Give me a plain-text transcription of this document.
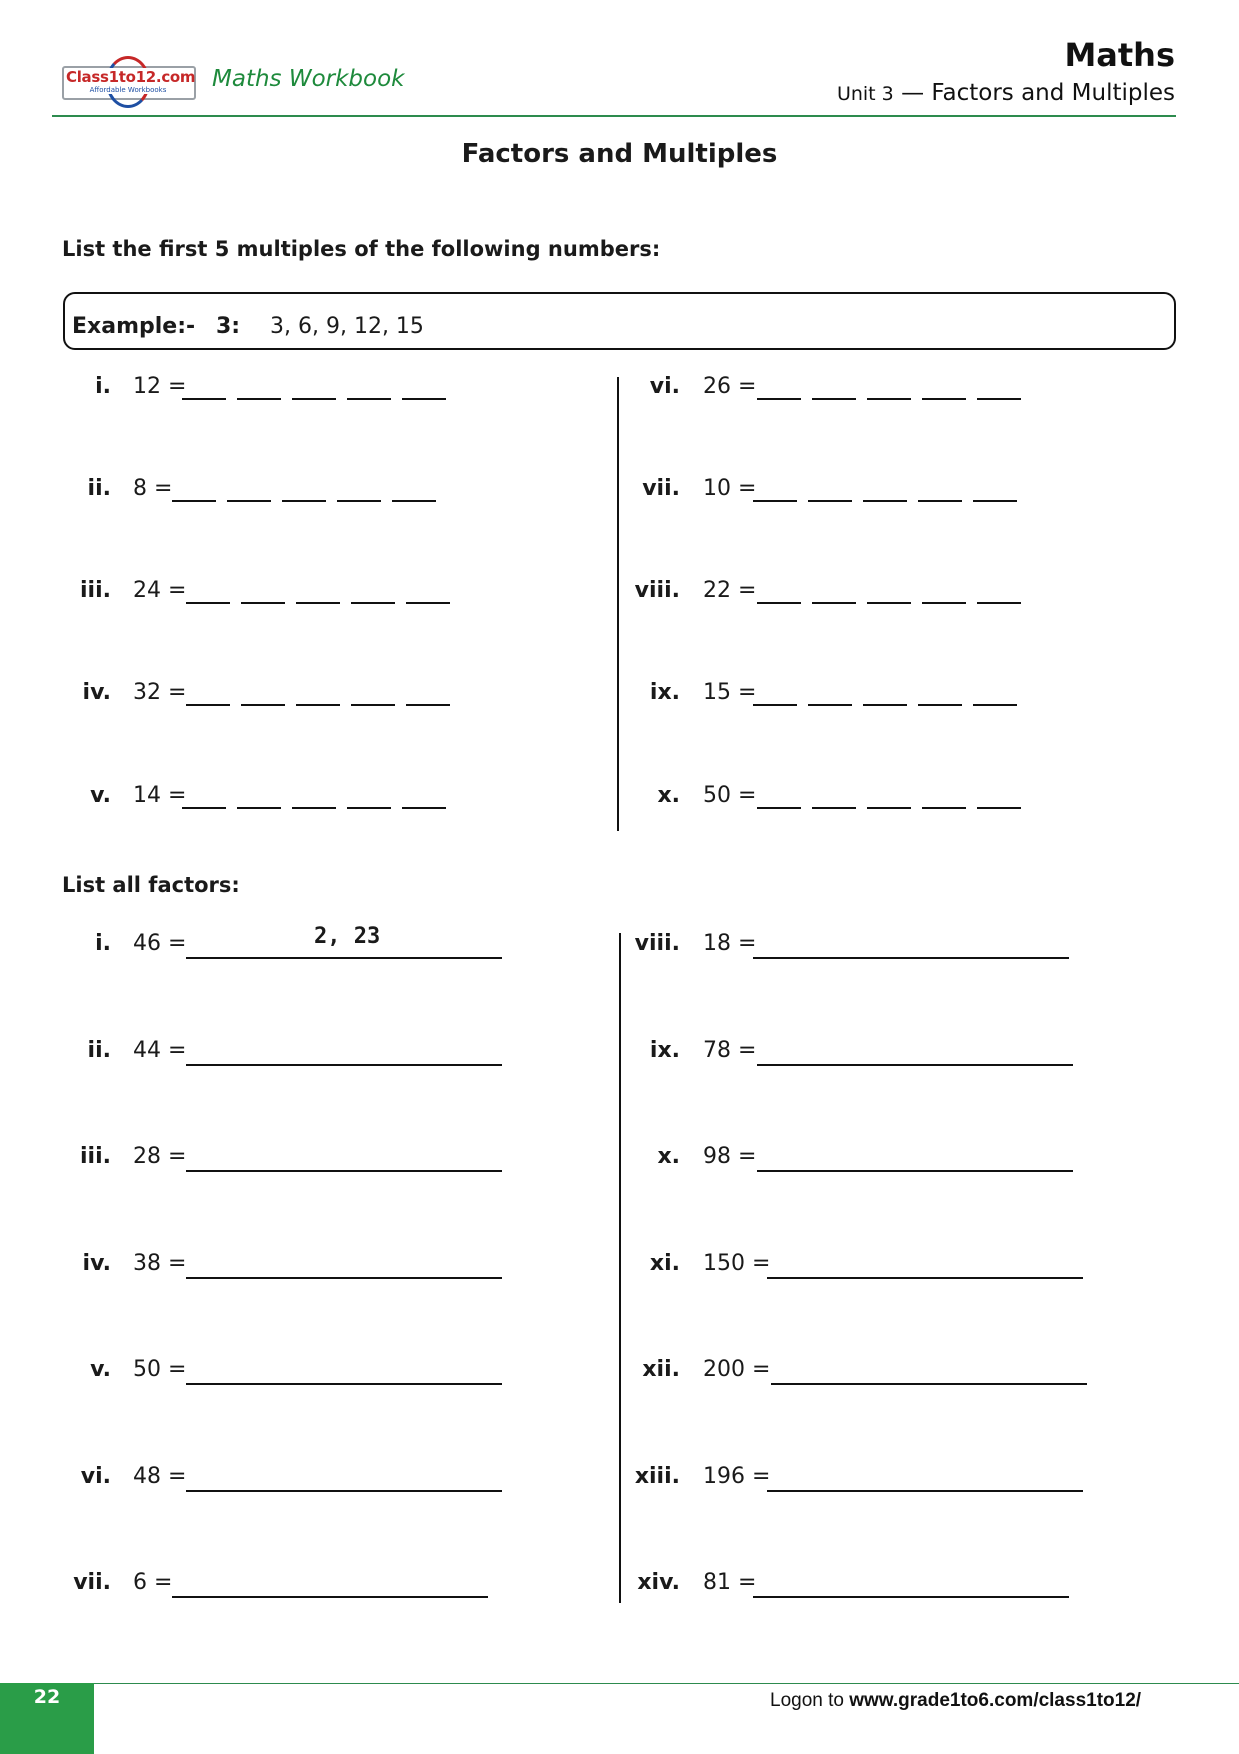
Class1to12.com
Affordable Workbooks	Maths Workbook
Maths
Unit 3 — Factors and Multiples
Factors and Multiples
List the first 5 multiples of the following numbers:
Example:- 3: 3, 6, 9, 12, 15
i. 12 =
ii. 8 =
iii. 24 =
iv. 32 =
v. 14 =
vi. 26 =
vii. 10 =
viii. 22 =
ix. 15 =
x. 50 =
List all factors:
i. 46 =	2, 23
ii. 44 =
iii. 28 =
iv. 38 =
v. 50 =
vi. 48 =
vii. 6 =
viii. 18 =
ix. 78 =
x. 98 =
xi. 150 =
xii. 200 =
xiii. 196 =
xiv. 81 =
22	Logon to www.grade1to6.com/class1to12/
